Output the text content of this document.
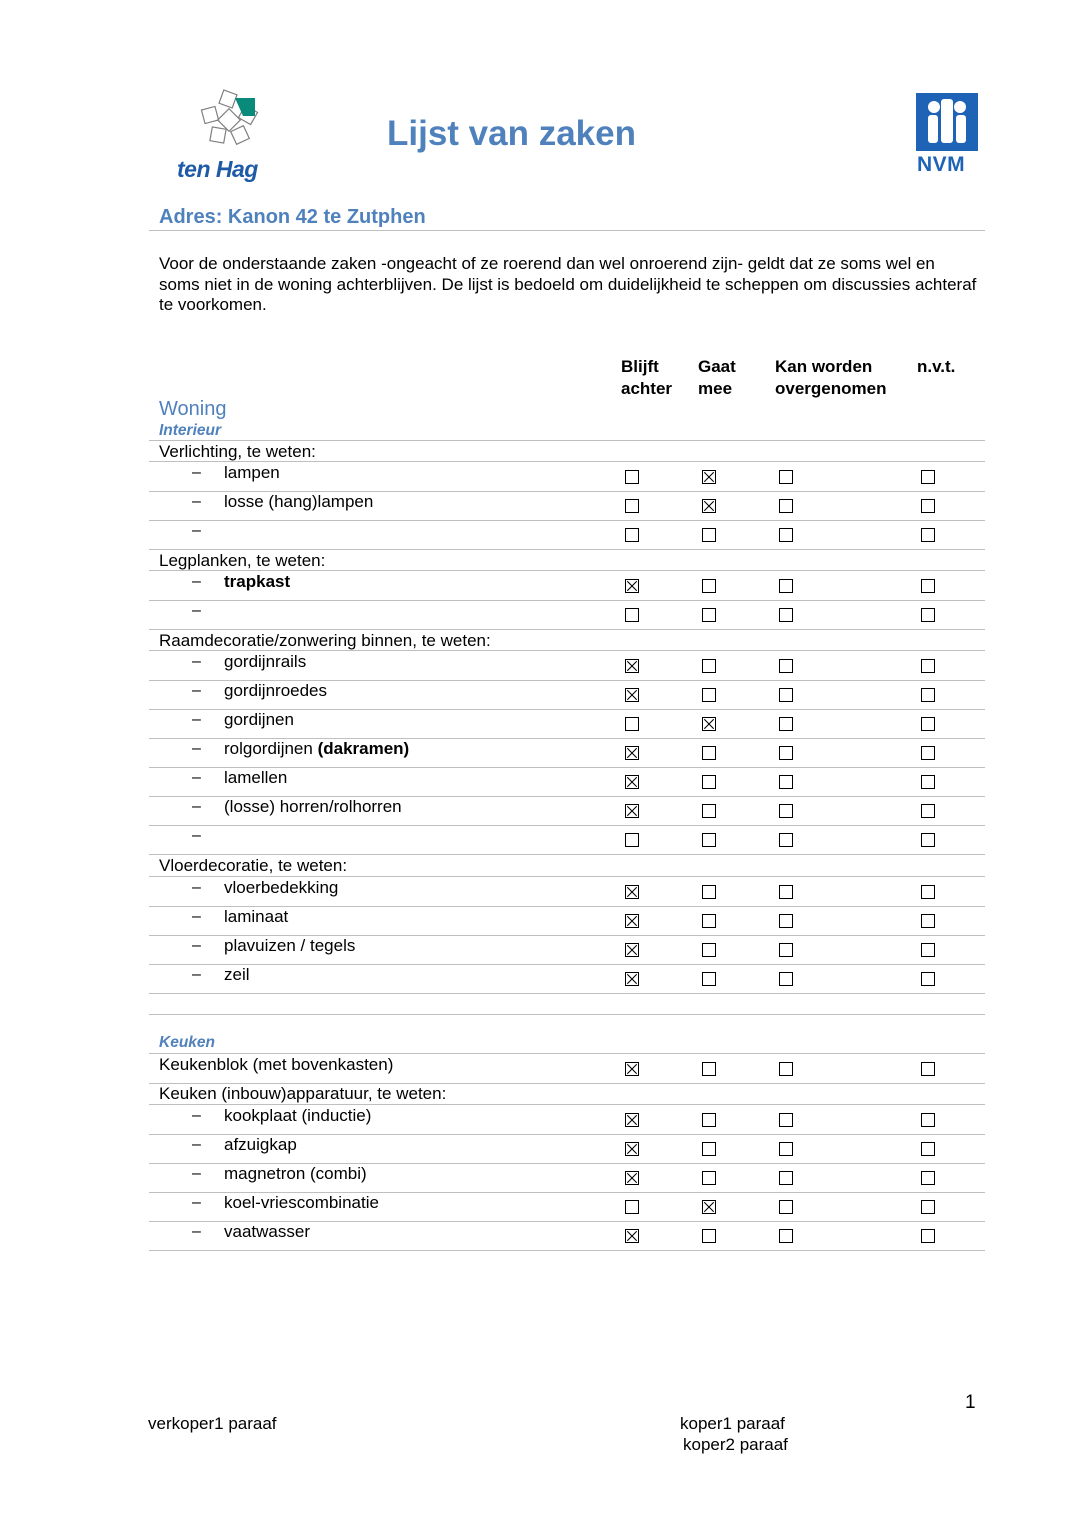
ten Hag
Lijst van zaken
NVM
Adres: Kanon 42 te Zutphen
Voor de onderstaande zaken -ongeacht of ze roerend dan wel onroerend zijn- geldt dat ze soms wel en soms niet in de woning achterblijven. De lijst is bedoeld om duidelijkheid te scheppen om discussies achteraf te voorkomen.
Blijft
achter
Gaat
mee
Kan worden
overgenomen
n.v.t.
Woning
Interieur
Verlichting, te weten:
Legplanken, te weten:
Raamdecoratie/zonwering binnen, te weten:
Vloerdecoratie, te weten:
Keuken
Keukenblok (met bovenkasten)
Keuken (inbouw)apparatuur, te weten:
– lampen
– losse (hang)lampen
–
– trapkast
–
– gordijnrails
– gordijnroedes
– gordijnen
– rolgordijnen (dakramen)
– lamellen
– (losse) horren/rolhorren
–
– vloerbedekking
– laminaat
– plavuizen / tegels
– zeil
– kookplaat (inductie)
– afzuigkap
– magnetron (combi)
– koel-vriescombinatie
– vaatwasser
1
verkoper1 paraaf	koper1 paraaf
koper2 paraaf
